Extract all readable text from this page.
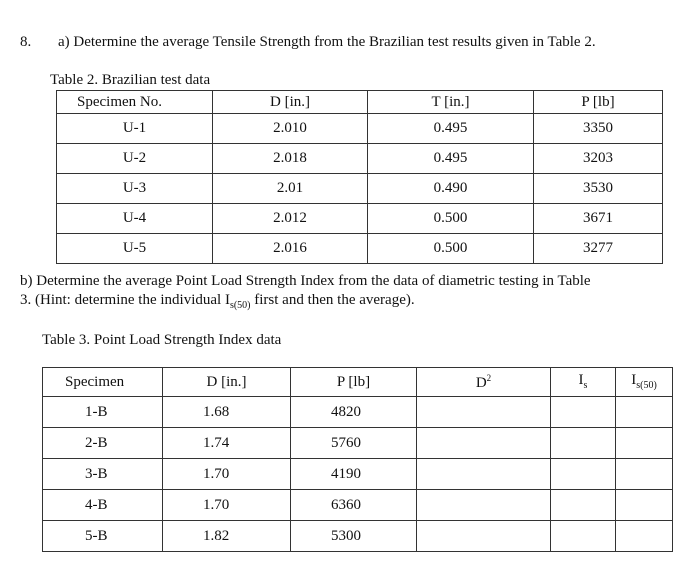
8. a) Determine the average Tensile Strength from the Brazilian test results given in Table 2.
Table 2. Brazilian test data
Specimen No.	D [in.]	T [in.]	P [lb]
U-1	2.010	0.495	3350
U-2	2.018	0.495	3203
U-3	2.01	0.490	3530
U-4	2.012	0.500	3671
U-5	2.016	0.500	3277
b) Determine the average Point Load Strength Index from the data of diametric testing in Table
3. (Hint: determine the individual $I_{s(50)}$ first and then the average).
Table 3. Point Load Strength Index data
Specimen	D [in.]	P [lb]	$D^2$	$I_s$	$I_{s(50)}$
1-B	1.68	4820			
2-B	1.74	5760			
3-B	1.70	4190			
4-B	1.70	6360			
5-B	1.82	5300			
